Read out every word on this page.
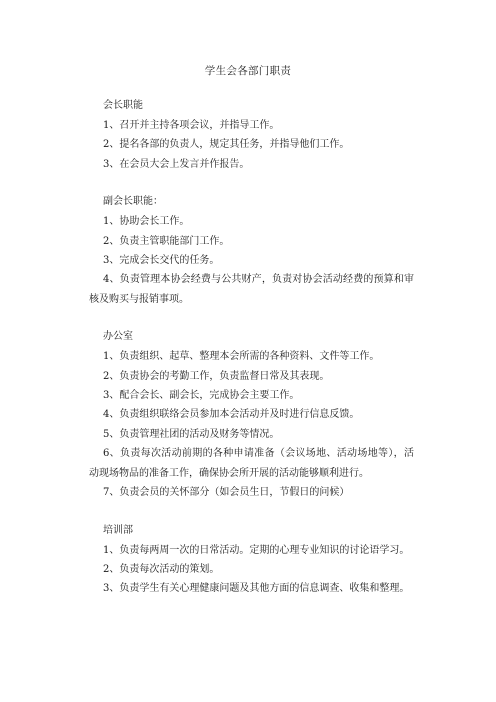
学生会各部门职责
会长职能

1、召开并主持各项会议，并指导工作。

2、提名各部的负责人，规定其任务，并指导他们工作。

3、在会员大会上发言并作报告。

副会长职能：

1、协助会长工作。

2、负责主管职能部门工作。

3、完成会长交代的任务。

4、负责管理本协会经费与公共财产，负责对协会活动经费的预算和审核及购买与报销事项。

办公室

1、负责组织、起草、整理本会所需的各种资料、文件等工作。

2、负责协会的考勤工作，负责监督日常及其表现。

3、配合会长、副会长，完成协会主要工作。

4、负责组织联络会员参加本会活动并及时进行信息反馈。

5、负责管理社团的活动及财务等情况。

6、负责每次活动前期的各种申请准备（会议场地、活动场地等），活动现场物品的准备工作，确保协会所开展的活动能够顺利进行。

7、负责会员的关怀部分（如会员生日，节假日的问候）

培训部

1、负责每两周一次的日常活动。定期的心理专业知识的讨论语学习。

2、负责每次活动的策划。

3、负责学生有关心理健康问题及其他方面的信息调查、收集和整理。
